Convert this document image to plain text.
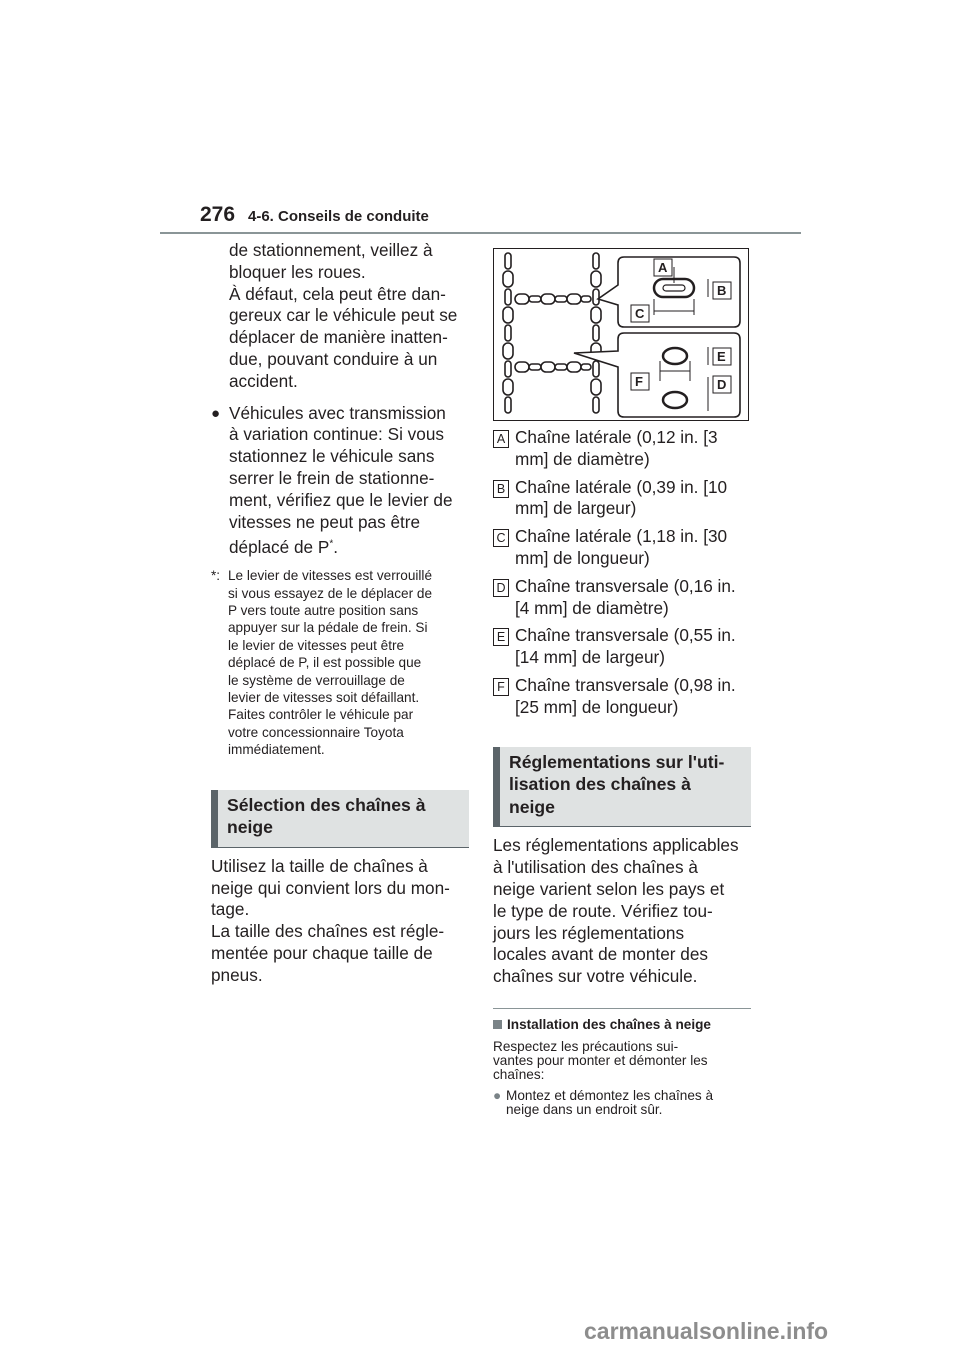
276 4-6. Conseils de conduite
de stationnement, veillez à
bloquer les roues.
À défaut, cela peut être dan-
gereux car le véhicule peut se
déplacer de manière inatten-
due, pouvant conduire à un
accident.
● Véhicules avec transmission
à variation continue: Si vous
stationnez le véhicule sans
serrer le frein de stationne-
ment, vérifiez que le levier de
vitesses ne peut pas être
déplacé de P*.
*: Le levier de vitesses est verrouillé
si vous essayez de le déplacer de
P vers toute autre position sans
appuyer sur la pédale de frein. Si
le levier de vitesses peut être
déplacé de P, il est possible que
le système de verrouillage de
levier de vitesses soit défaillant.
Faites contrôler le véhicule par
votre concessionnaire Toyota
immédiatement.
Sélection des chaînes à
neige
Utilisez la taille de chaînes à
neige qui convient lors du mon-
tage.
La taille des chaînes est régle-
mentée pour chaque taille de
pneus.
A
B
C
E
F	D
A Chaîne latérale (0,12 in. [3
mm] de diamètre)
B Chaîne latérale (0,39 in. [10
mm] de largeur)
C Chaîne latérale (1,18 in. [30
mm] de longueur)
D Chaîne transversale (0,16 in.
[4 mm] de diamètre)
E Chaîne transversale (0,55 in.
[14 mm] de largeur)
F Chaîne transversale (0,98 in.
[25 mm] de longueur)
Réglementations sur l'uti-
lisation des chaînes à
neige
Les réglementations applicables
à l'utilisation des chaînes à
neige varient selon les pays et
le type de route. Vérifiez tou-
jours les réglementations
locales avant de monter des
chaînes sur votre véhicule.
Installation des chaînes à neige
Respectez les précautions sui-
vantes pour monter et démonter les
chaînes:
● Montez et démontez les chaînes à
neige dans un endroit sûr.
carmanualsonline.info
